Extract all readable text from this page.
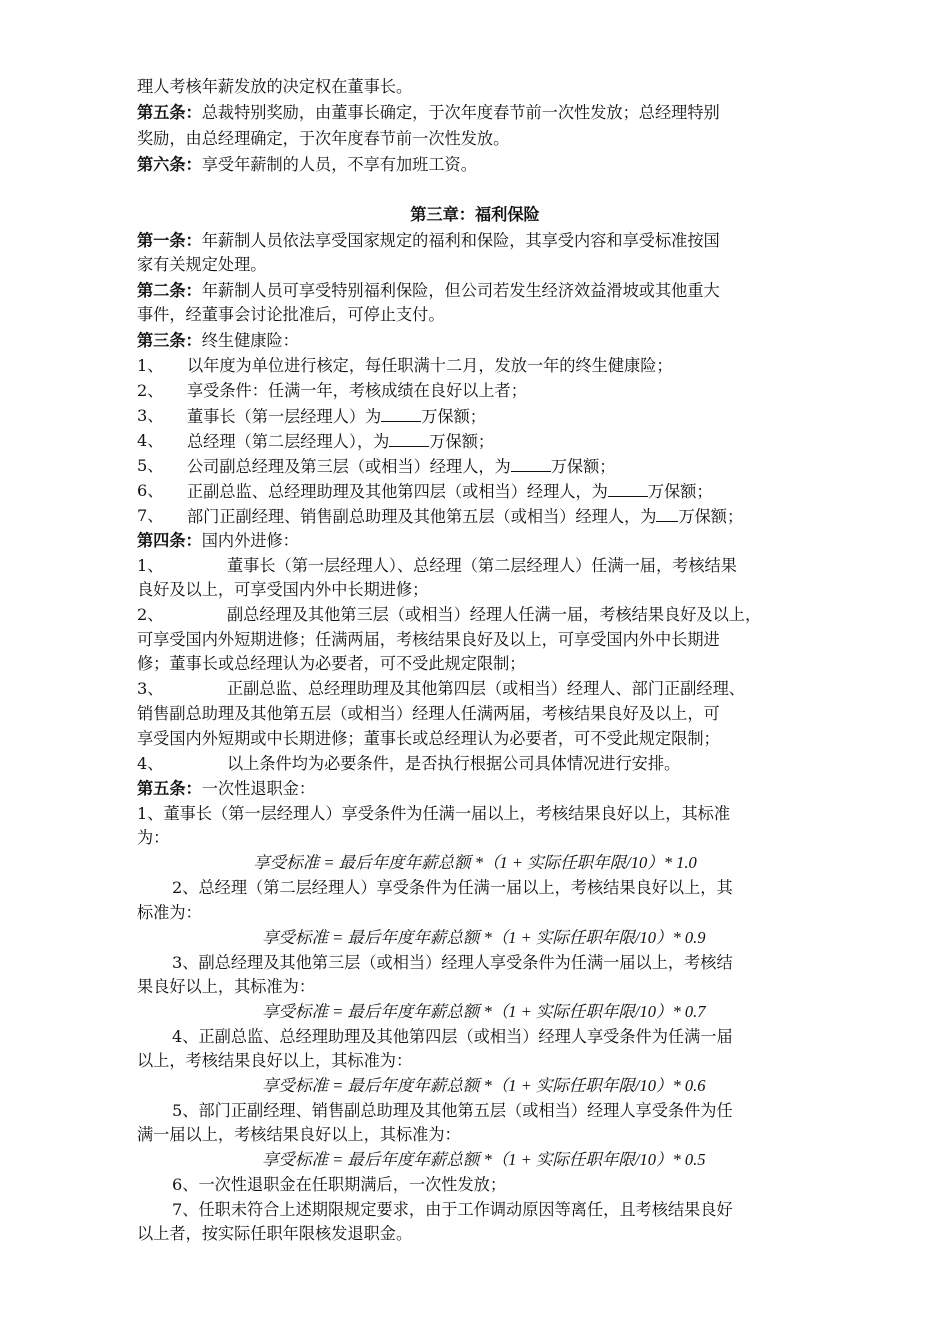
理人考核年薪发放的决定权在董事长。
第五条：总裁特别奖励，由董事长确定，于次年度春节前一次性发放；总经理特别
奖励，由总经理确定，于次年度春节前一次性发放。
第六条：享受年薪制的人员，不享有加班工资。
第三章：福利保险
第一条：年薪制人员依法享受国家规定的福利和保险，其享受内容和享受标准按国
家有关规定处理。
第二条：年薪制人员可享受特别福利保险，但公司若发生经济效益滑坡或其他重大
事件，经董事会讨论批准后，可停止支付。
第三条：终生健康险：
1、 以年度为单位进行核定，每任职满十二月，发放一年的终生健康险；
2、 享受条件：任满一年，考核成绩在良好以上者；
3、 董事长（第一层经理人）为 万保额；
4、 总经理（第二层经理人），为 万保额；
5、 公司副总经理及第三层（或相当）经理人，为 万保额；
6、 正副总监、总经理助理及其他第四层（或相当）经理人，为 万保额；
7、 部门正副经理、销售副总助理及其他第五层（或相当）经理人，为 万保额；
第四条：国内外进修：
1、	董事长（第一层经理人）、总经理（第二层经理人）任满一届，考核结果
良好及以上，可享受国内外中长期进修；
2、	副总经理及其他第三层（或相当）经理人任满一届，考核结果良好及以上，
可享受国内外短期进修；任满两届，考核结果良好及以上，可享受国内外中长期进
修；董事长或总经理认为必要者，可不受此规定限制；
3、	正副总监、总经理助理及其他第四层（或相当）经理人、部门正副经理、
销售副总助理及其他第五层（或相当）经理人任满两届，考核结果良好及以上，可
享受国内外短期或中长期进修；董事长或总经理认为必要者，可不受此规定限制；
4、	以上条件均为必要条件，是否执行根据公司具体情况进行安排。
第五条：一次性退职金：
1、董事长（第一层经理人）享受条件为任满一届以上，考核结果良好以上，其标准
为：
享受标准 = 最后年度年薪总额 *（1 + 实际任职年限/10）* 1.0
2、总经理（第二层经理人）享受条件为任满一届以上，考核结果良好以上，其
标准为：
享受标准 = 最后年度年薪总额 *（1 + 实际任职年限/10）* 0.9
3、副总经理及其他第三层（或相当）经理人享受条件为任满一届以上，考核结
果良好以上，其标准为：
享受标准 = 最后年度年薪总额 *（1 + 实际任职年限/10）* 0.7
4、正副总监、总经理助理及其他第四层（或相当）经理人享受条件为任满一届
以上，考核结果良好以上，其标准为：
享受标准 = 最后年度年薪总额 *（1 + 实际任职年限/10）* 0.6
5、部门正副经理、销售副总助理及其他第五层（或相当）经理人享受条件为任
满一届以上，考核结果良好以上，其标准为：
享受标准 = 最后年度年薪总额 *（1 + 实际任职年限/10）* 0.5
6、一次性退职金在任职期满后，一次性发放；
7、任职未符合上述期限规定要求，由于工作调动原因等离任，且考核结果良好
以上者，按实际任职年限核发退职金。
